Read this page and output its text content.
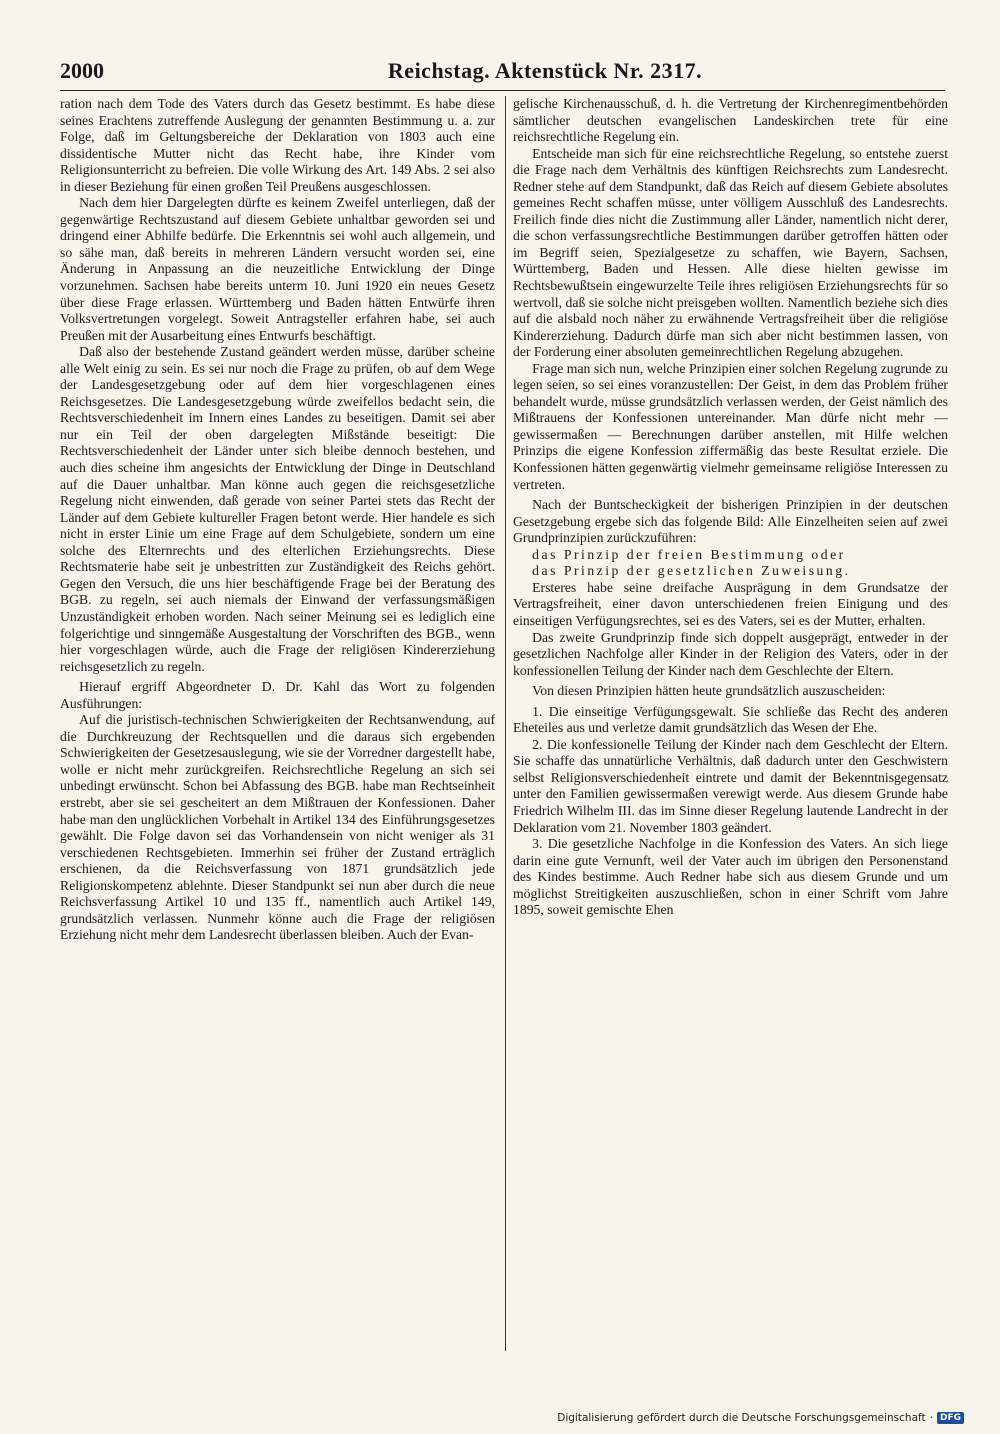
2000	Reichstag. Aktenstück Nr. 2317.

ration nach dem Tode des Vaters durch das Gesetz bestimmt. Es habe diese seines Erachtens zutreffende Auslegung der genannten Bestimmung u. a. zur Folge, daß im Geltungsbereiche der Deklaration von 1803 auch eine dissidentische Mutter nicht das Recht habe, ihre Kinder vom Religionsunterricht zu befreien. Die volle Wirkung des Art. 149 Abs. 2 sei also in dieser Beziehung für einen großen Teil Preußens ausgeschlossen.

Nach dem hier Dargelegten dürfte es keinem Zweifel unterliegen, daß der gegenwärtige Rechtszustand auf diesem Gebiete unhaltbar geworden sei und dringend einer Abhilfe bedürfe. Die Erkenntnis sei wohl auch allgemein, und so sähe man, daß bereits in mehreren Ländern versucht worden sei, eine Änderung in Anpassung an die neuzeitliche Entwicklung der Dinge vorzunehmen. Sachsen habe bereits unterm 10. Juni 1920 ein neues Gesetz über diese Frage erlassen. Württemberg und Baden hätten Entwürfe ihren Volksvertretungen vorgelegt. Soweit Antragsteller erfahren habe, sei auch Preußen mit der Ausarbeitung eines Entwurfs beschäftigt.

Daß also der bestehende Zustand geändert werden müsse, darüber scheine alle Welt einig zu sein. Es sei nur noch die Frage zu prüfen, ob auf dem Wege der Landesgesetzgebung oder auf dem hier vorgeschlagenen eines Reichsgesetzes. Die Landesgesetzgebung würde zweifellos bedacht sein, die Rechtsverschiedenheit im Innern eines Landes zu beseitigen. Damit sei aber nur ein Teil der oben dargelegten Mißstände beseitigt: Die Rechtsverschiedenheit der Länder unter sich bleibe dennoch bestehen, und auch dies scheine ihm angesichts der Entwicklung der Dinge in Deutschland auf die Dauer unhaltbar. Man könne auch gegen die reichsgesetzliche Regelung nicht einwenden, daß gerade von seiner Partei stets das Recht der Länder auf dem Gebiete kultureller Fragen betont werde. Hier handele es sich nicht in erster Linie um eine Frage auf dem Schulgebiete, sondern um eine solche des Elternrechts und des elterlichen Erziehungsrechts. Diese Rechtsmaterie habe seit je unbestritten zur Zuständigkeit des Reichs gehört. Gegen den Versuch, die uns hier beschäftigende Frage bei der Beratung des BGB. zu regeln, sei auch niemals der Einwand der verfassungsmäßigen Unzuständigkeit erhoben worden. Nach seiner Meinung sei es lediglich eine folgerichtige und sinngemäße Ausgestaltung der Vorschriften des BGB., wenn hier vorgeschlagen würde, auch die Frage der religiösen Kindererziehung reichsgesetzlich zu regeln.

Hierauf ergriff Abgeordneter D. Dr. Kahl das Wort zu folgenden Ausführungen:

Auf die juristisch-technischen Schwierigkeiten der Rechtsanwendung, auf die Durchkreuzung der Rechtsquellen und die daraus sich ergebenden Schwierigkeiten der Gesetzesauslegung, wie sie der Vorredner dargestellt habe, wolle er nicht mehr zurückgreifen. Reichsrechtliche Regelung an sich sei unbedingt erwünscht. Schon bei Abfassung des BGB. habe man Rechtseinheit erstrebt, aber sie sei gescheitert an dem Mißtrauen der Konfessionen. Daher habe man den unglücklichen Vorbehalt in Artikel 134 des Einführungsgesetzes gewählt. Die Folge davon sei das Vorhandensein von nicht weniger als 31 verschiedenen Rechtsgebieten. Immerhin sei früher der Zustand erträglich erschienen, da die Reichsverfassung von 1871 grundsätzlich jede Religionskompetenz ablehnte. Dieser Standpunkt sei nun aber durch die neue Reichsverfassung Artikel 10 und 135 ff., namentlich auch Artikel 149, grundsätzlich verlassen. Nunmehr könne auch die Frage der religiösen Erziehung nicht mehr dem Landesrecht überlassen bleiben. Auch der Evan-

gelische Kirchenausschuß, d. h. die Vertretung der Kirchenregimentbehörden sämtlicher deutschen evangelischen Landeskirchen trete für eine reichsrechtliche Regelung ein.

Entscheide man sich für eine reichsrechtliche Regelung, so entstehe zuerst die Frage nach dem Verhältnis des künftigen Reichsrechts zum Landesrecht. Redner stehe auf dem Standpunkt, daß das Reich auf diesem Gebiete absolutes gemeines Recht schaffen müsse, unter völligem Ausschluß des Landesrechts. Freilich finde dies nicht die Zustimmung aller Länder, namentlich nicht derer, die schon verfassungsrechtliche Bestimmungen darüber getroffen hätten oder im Begriff seien, Spezialgesetze zu schaffen, wie Bayern, Sachsen, Württemberg, Baden und Hessen. Alle diese hielten gewisse im Rechtsbewußtsein eingewurzelte Teile ihres religiösen Erziehungsrechts für so wertvoll, daß sie solche nicht preisgeben wollten. Namentlich beziehe sich dies auf die alsbald noch näher zu erwähnende Vertragsfreiheit über die religiöse Kindererziehung. Dadurch dürfe man sich aber nicht bestimmen lassen, von der Forderung einer absoluten gemeinrechtlichen Regelung abzugehen.

Frage man sich nun, welche Prinzipien einer solchen Regelung zugrunde zu legen seien, so sei eines voranzustellen: Der Geist, in dem das Problem früher behandelt wurde, müsse grundsätzlich verlassen werden, der Geist nämlich des Mißtrauens der Konfessionen untereinander. Man dürfe nicht mehr — gewissermaßen — Berechnungen darüber anstellen, mit Hilfe welchen Prinzips die eigene Konfession ziffermäßig das beste Resultat erziele. Die Konfessionen hätten gegenwärtig vielmehr gemeinsame religiöse Interessen zu vertreten.

Nach der Buntscheckigkeit der bisherigen Prinzipien in der deutschen Gesetzgebung ergebe sich das folgende Bild: Alle Einzelheiten seien auf zwei Grundprinzipien zurückzuführen:

das Prinzip der freien Bestimmung oder

das Prinzip der gesetzlichen Zuweisung.

Ersteres habe seine dreifache Ausprägung in dem Grundsatze der Vertragsfreiheit, einer davon unterschiedenen freien Einigung und des einseitigen Verfügungsrechtes, sei es des Vaters, sei es der Mutter, erhalten.

Das zweite Grundprinzip finde sich doppelt ausgeprägt, entweder in der gesetzlichen Nachfolge aller Kinder in der Religion des Vaters, oder in der konfessionellen Teilung der Kinder nach dem Geschlechte der Eltern.

Von diesen Prinzipien hätten heute grundsätzlich auszuscheiden:

1. Die einseitige Verfügungsgewalt. Sie schließe das Recht des anderen Eheteiles aus und verletze damit grundsätzlich das Wesen der Ehe.

2. Die konfessionelle Teilung der Kinder nach dem Geschlecht der Eltern. Sie schaffe das unnatürliche Verhältnis, daß dadurch unter den Geschwistern selbst Religionsverschiedenheit eintrete und damit der Bekenntnisgegensatz unter den Familien gewissermaßen verewigt werde. Aus diesem Grunde habe Friedrich Wilhelm III. das im Sinne dieser Regelung lautende Landrecht in der Deklaration vom 21. November 1803 geändert.

3. Die gesetzliche Nachfolge in die Konfession des Vaters. An sich liege darin eine gute Vernunft, weil der Vater auch im übrigen den Personenstand des Kindes bestimme. Auch Redner habe sich aus diesem Grunde und um möglichst Streitigkeiten auszuschließen, schon in einer Schrift vom Jahre 1895, soweit gemischte Ehen

Digitalisierung gefördert durch die Deutsche Forschungsgemeinschaft · DFG
